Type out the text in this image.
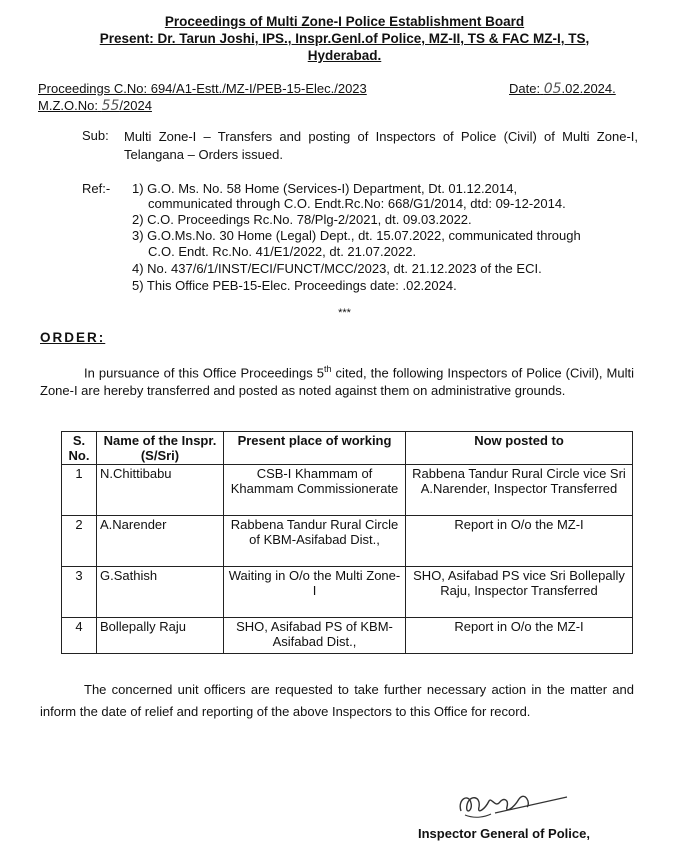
Proceedings of Multi Zone-I Police Establishment Board
Present: Dr. Tarun Joshi, IPS., Inspr.Genl.of Police, MZ-II, TS & FAC MZ-I, TS,
Hyderabad.
Proceedings C.No: 694/A1-Estt./MZ-I/PEB-15-Elec./2023	Date: 05.02.2024.
M.Z.O.No: 55/2024
Sub: Multi Zone-I – Transfers and posting of Inspectors of Police (Civil) of Multi Zone-I, Telangana – Orders issued.
Ref:- 1) G.O. Ms. No. 58 Home (Services-I) Department, Dt. 01.12.2014,
communicated through C.O. Endt.Rc.No: 668/G1/2014, dtd: 09-12-2014.
2) C.O. Proceedings Rc.No. 78/Plg-2/2021, dt. 09.03.2022.
3) G.O.Ms.No. 30 Home (Legal) Dept., dt. 15.07.2022, communicated through
C.O. Endt. Rc.No. 41/E1/2022, dt. 21.07.2022.
4) No. 437/6/1/INST/ECI/FUNCT/MCC/2023, dt. 21.12.2023 of the ECI.
5) This Office PEB-15-Elec. Proceedings date: .02.2024.
***
ORDER:
In pursuance of this Office Proceedings 5th cited, the following Inspectors of Police (Civil), Multi Zone-I are hereby transferred and posted as noted against them on administrative grounds.
S. No.	Name of the Inspr. (S/Sri)	Present place of working	Now posted to
1	N.Chittibabu	CSB-I Khammam of Khammam Commissionerate	Rabbena Tandur Rural Circle vice Sri A.Narender, Inspector Transferred
2	A.Narender	Rabbena Tandur Rural Circle of KBM-Asifabad Dist.,	Report in O/o the MZ-I
3	G.Sathish	Waiting in O/o the Multi Zone-I	SHO, Asifabad PS vice Sri Bollepally Raju, Inspector Transferred
4	Bollepally Raju	SHO, Asifabad PS of KBM-Asifabad Dist.,	Report in O/o the MZ-I
The concerned unit officers are requested to take further necessary action in the matter and inform the date of relief and reporting of the above Inspectors to this Office for record.
Inspector General of Police,
